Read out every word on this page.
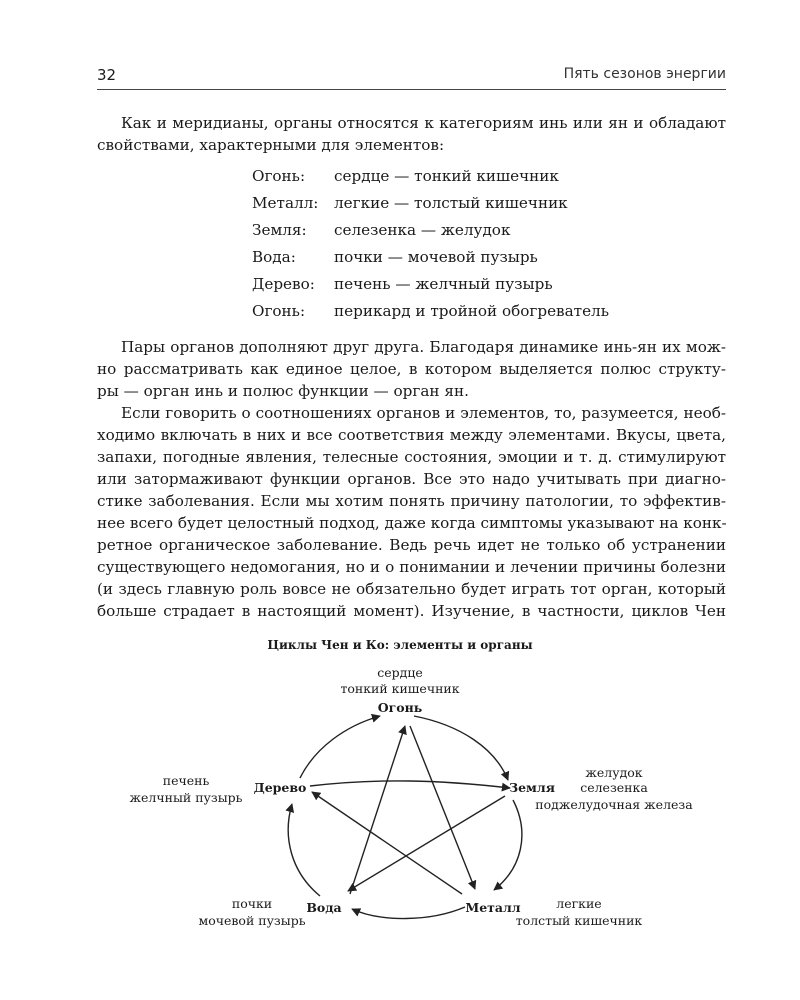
32	Пять сезонов энергии

Как и меридианы, органы относятся к категориям инь или ян и обладают
свойствами, характерными для элементов:

Огонь: сердце — тонкий кишечник
Металл: легкие — толстый кишечник
Земля: селезенка — желудок
Вода:	почки — мочевой пузырь
Дерево: печень — желчный пузырь
Огонь: перикард и тройной обогреватель

Пары органов дополняют друг друга. Благодаря динамике инь-ян их мож-
но рассматривать как единое целое, в котором выделяется полюс структу-
ры — орган инь и полюс функции — орган ян.

Если говорить о соотношениях органов и элементов, то, разумеется, необ-
ходимо включать в них и все соответствия между элементами. Вкусы, цвета,
запахи, погодные явления, телесные состояния, эмоции и т. д. стимулируют
или затормаживают функции органов. Все это надо учитывать при диагно-
стике заболевания. Если мы хотим понять причину патологии, то эффектив-
нее всего будет целостный подход, даже когда симптомы указывают на конк-
ретное органическое заболевание. Ведь речь идет не только об устранении
существующего недомогания, но и о понимании и лечении причины болезни
(и здесь главную роль вовсе не обязательно будет играть тот орган, который
больше страдает в настоящий момент). Изучение, в частности, циклов Чен

Циклы Чен и Ко: элементы и органы
сердце
тонкий кишечник
Огонь
Земля
желудок
селезенка
поджелудочная железа
Дерево
печень
желчный пузырь
Металл	легкие
толстый кишечник
Вода
почки
мочевой пузырь
